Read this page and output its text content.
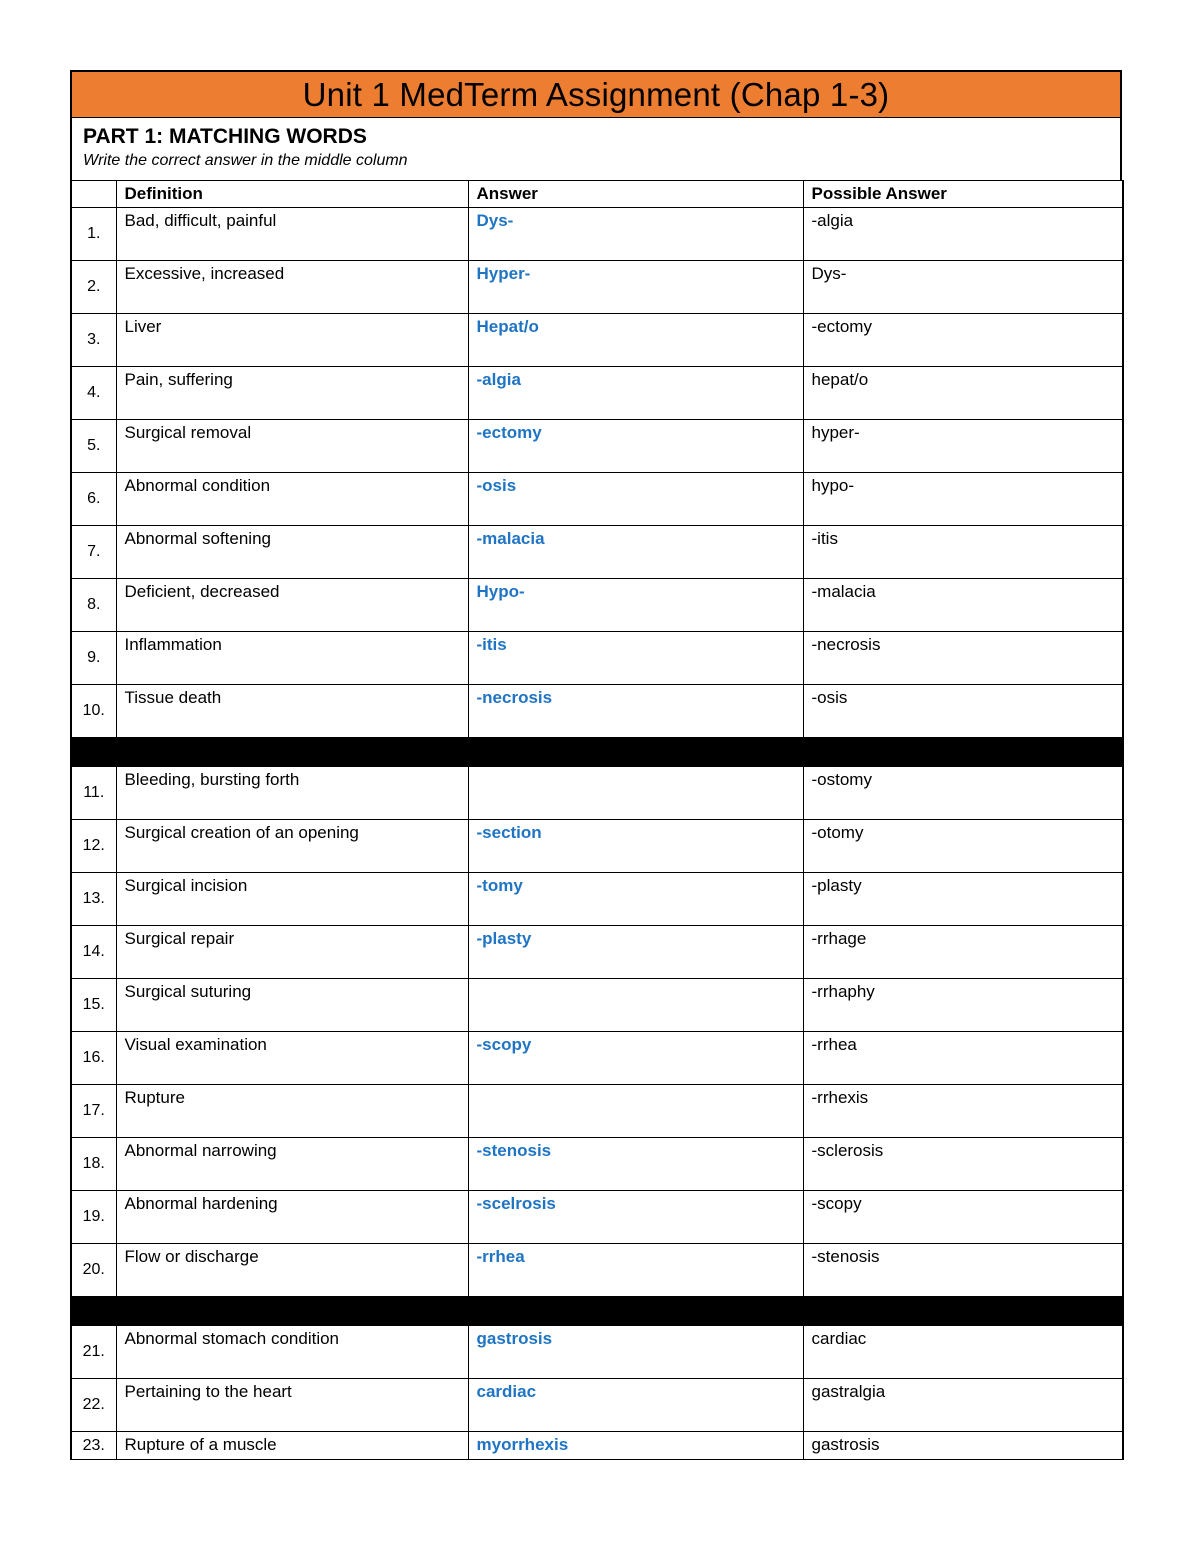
Unit 1 MedTerm Assignment (Chap 1-3)
PART 1: MATCHING WORDS
Write the correct answer in the middle column
	Definition	Answer	Possible Answer
1.	Bad, difficult, painful	Dys-	-algia
2.	Excessive, increased	Hyper-	Dys-
3.	Liver	Hepat/o	-ectomy
4.	Pain, suffering	-algia	hepat/o
5.	Surgical removal	-ectomy	hyper-
6.	Abnormal condition	-osis	hypo-
7.	Abnormal softening	-malacia	-itis
8.	Deficient, decreased	Hypo-	-malacia
9.	Inflammation	-itis	-necrosis
10.	Tissue death	-necrosis	-osis

11.	Bleeding, bursting forth		-ostomy
12.	Surgical creation of an opening	-section	-otomy
13.	Surgical incision	-tomy	-plasty
14.	Surgical repair	-plasty	-rrhage
15.	Surgical suturing		-rrhaphy
16.	Visual examination	-scopy	-rrhea
17.	Rupture		-rrhexis
18.	Abnormal narrowing	-stenosis	-sclerosis
19.	Abnormal hardening	-scelrosis	-scopy
20.	Flow or discharge	-rrhea	-stenosis

21.	Abnormal stomach condition	gastrosis	cardiac
22.	Pertaining to the heart	cardiac	gastralgia
23.	Rupture of a muscle	myorrhexis	gastrosis
